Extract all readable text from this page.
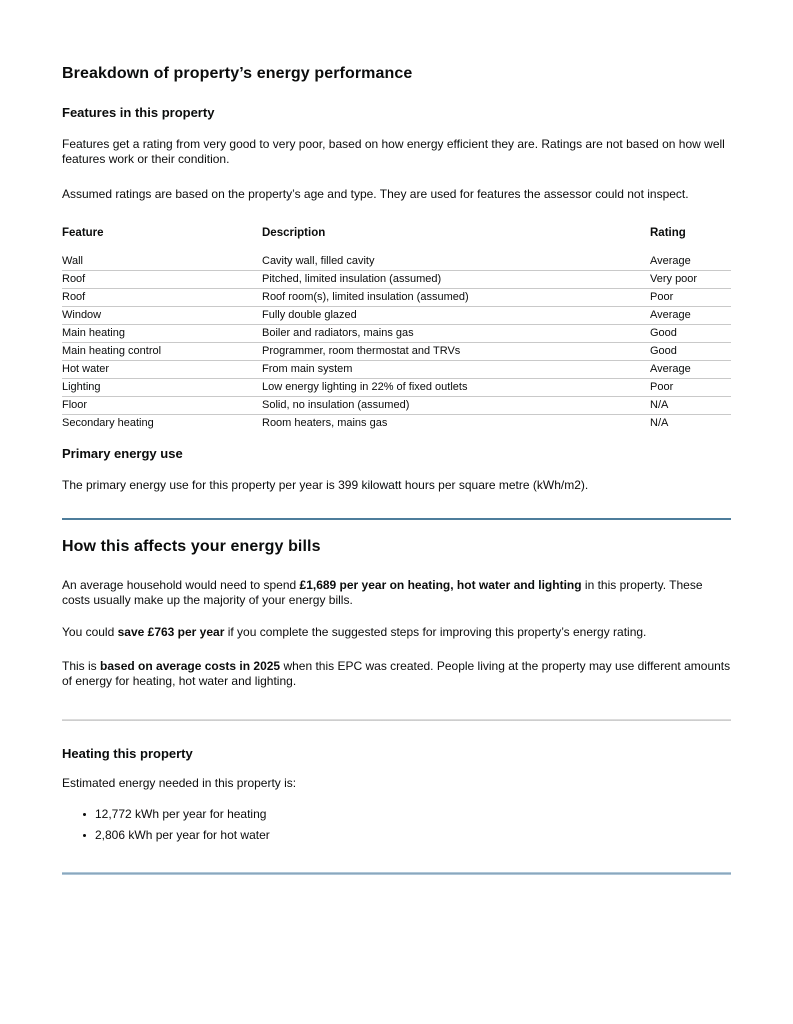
Breakdown of property’s energy performance
Features in this property

Features get a rating from very good to very poor, based on how energy efficient they are. Ratings are not based on how well features work or their condition.

Assumed ratings are based on the property’s age and type. They are used for features the assessor could not inspect.

Feature	Description	Rating
Wall	Cavity wall, filled cavity	Average
Roof	Pitched, limited insulation (assumed)	Very poor
Roof	Roof room(s), limited insulation (assumed)	Poor
Window	Fully double glazed	Average
Main heating	Boiler and radiators, mains gas	Good
Main heating control	Programmer, room thermostat and TRVs	Good
Hot water	From main system	Average
Lighting	Low energy lighting in 22% of fixed outlets	Poor
Floor	Solid, no insulation (assumed)	N/A
Secondary heating	Room heaters, mains gas	N/A
Primary energy use

The primary energy use for this property per year is 399 kilowatt hours per square metre (kWh/m2).

How this affects your energy bills

An average household would need to spend £1,689 per year on heating, hot water and lighting in this property. These costs usually make up the majority of your energy bills.

You could save £763 per year if you complete the suggested steps for improving this property’s energy rating.

This is based on average costs in 2025 when this EPC was created. People living at the property may use different amounts of energy for heating, hot water and lighting.

Heating this property

Estimated energy needed in this property is:

12,772 kWh per year for heating
2,806 kWh per year for hot water
